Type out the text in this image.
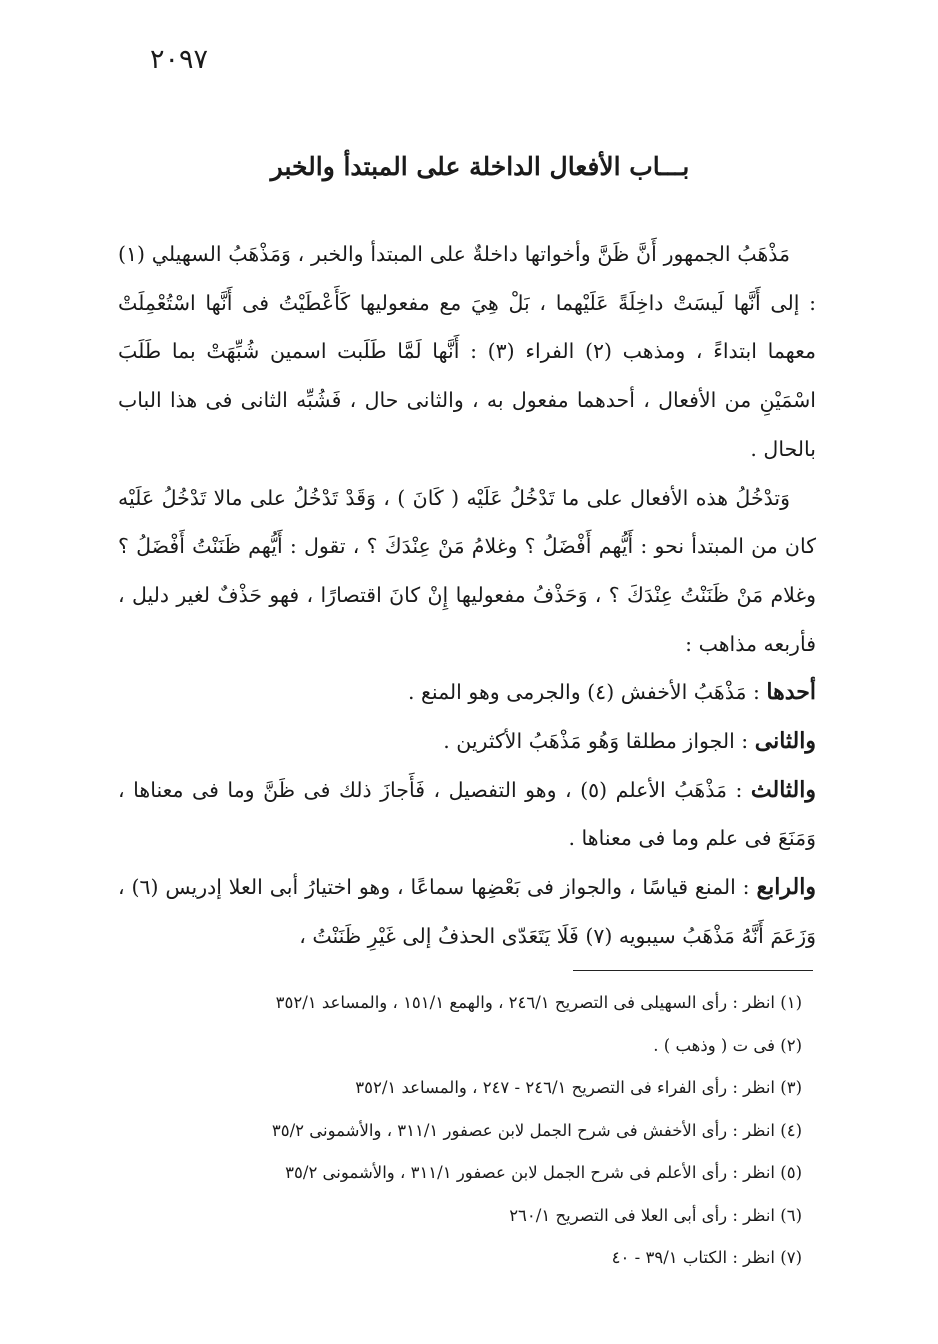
٢٠٩٧
بـــاب الأفعال الداخلة على المبتدأ والخبر

مَذْهَبُ الجمهور أَنَّ ظَنَّ وأخواتها داخلةٌ على المبتدأ والخبر ، وَمَذْهَبُ السهيلي (١) : إلى أَنَّها لَيسَتْ داخِلَةً عَلَيْهما ، بَلْ هِيَ مع مفعوليها كَأَعْطَيْتُ فى أَنَّها اسْتُعْمِلَتْ معهما ابتداءً ، ومذهب (٢) الفراء (٣) : أَنَّها لَمَّا طَلَبت اسمين شُبِّهَتْ بما طَلَبَ اسْمَيْنِ من الأفعال ، أحدهما مفعول به ، والثانى حال ، فَشُبِّه الثانى فى هذا الباب بالحال .

وَتدْخُلُ هذه الأفعال على ما تَدْخُلُ عَلَيْه ( كَانَ ) ، وَقَدْ تَدْخُلُ على مالا تَدْخُلُ عَلَيْه كان من المبتدأ نحو : أَيُّهم أَفْضَلُ ؟ وغلامُ مَنْ عِنْدَكَ ؟ ، تقول : أَيُّهم ظَنَنْتُ أَفْضَلُ ؟ وغلام مَنْ ظَنَنْتُ عِنْدَكَ ؟ ، وَحَذْفُ مفعوليها إِنْ كانَ اقتصارًا ، فهو حَذْفٌ لغير دليل ، فأربعه مذاهب :

أحدها : مَذْهَبُ الأخفش (٤) والجرمى وهو المنع .

والثانى : الجواز مطلقا وَهُو مَذْهَبُ الأكثرين .

والثالث : مَذْهَبُ الأعلم (٥) ، وهو التفصيل ، فَأَجازَ ذلك فى ظَنَّ وما فى معناها ، وَمَنَعَ فى علم وما فى معناها .

والرابع : المنع قياسًا ، والجواز فى بَعْضِها سماعًا ، وهو اختيارُ أبى العلا إدريس (٦) ، وَزَعَمَ أَنَّهُ مَذْهَبُ سيبويه (٧) فَلَا يَتَعَدّى الحذفُ إلى غَيْرِ ظَنَنْتُ ،

(١) انظر : رأى السهيلى فى التصريح ٢٤٦/١ ، والهمع ١٥١/١ ، والمساعد ٣٥٢/١

(٢) فى ت ( وذهب ) .

(٣) انظر : رأى الفراء فى التصريح ٢٤٦/١ - ٢٤٧ ، والمساعد ٣٥٢/١

(٤) انظر : رأى الأخفش فى شرح الجمل لابن عصفور ٣١١/١ ، والأشمونى ٣٥/٢

(٥) انظر : رأى الأعلم فى شرح الجمل لابن عصفور ٣١١/١ ، والأشمونى ٣٥/٢

(٦) انظر : رأى أبى العلا فى التصريح ٢٦٠/١

(٧) انظر : الكتاب ٣٩/١ - ٤٠
